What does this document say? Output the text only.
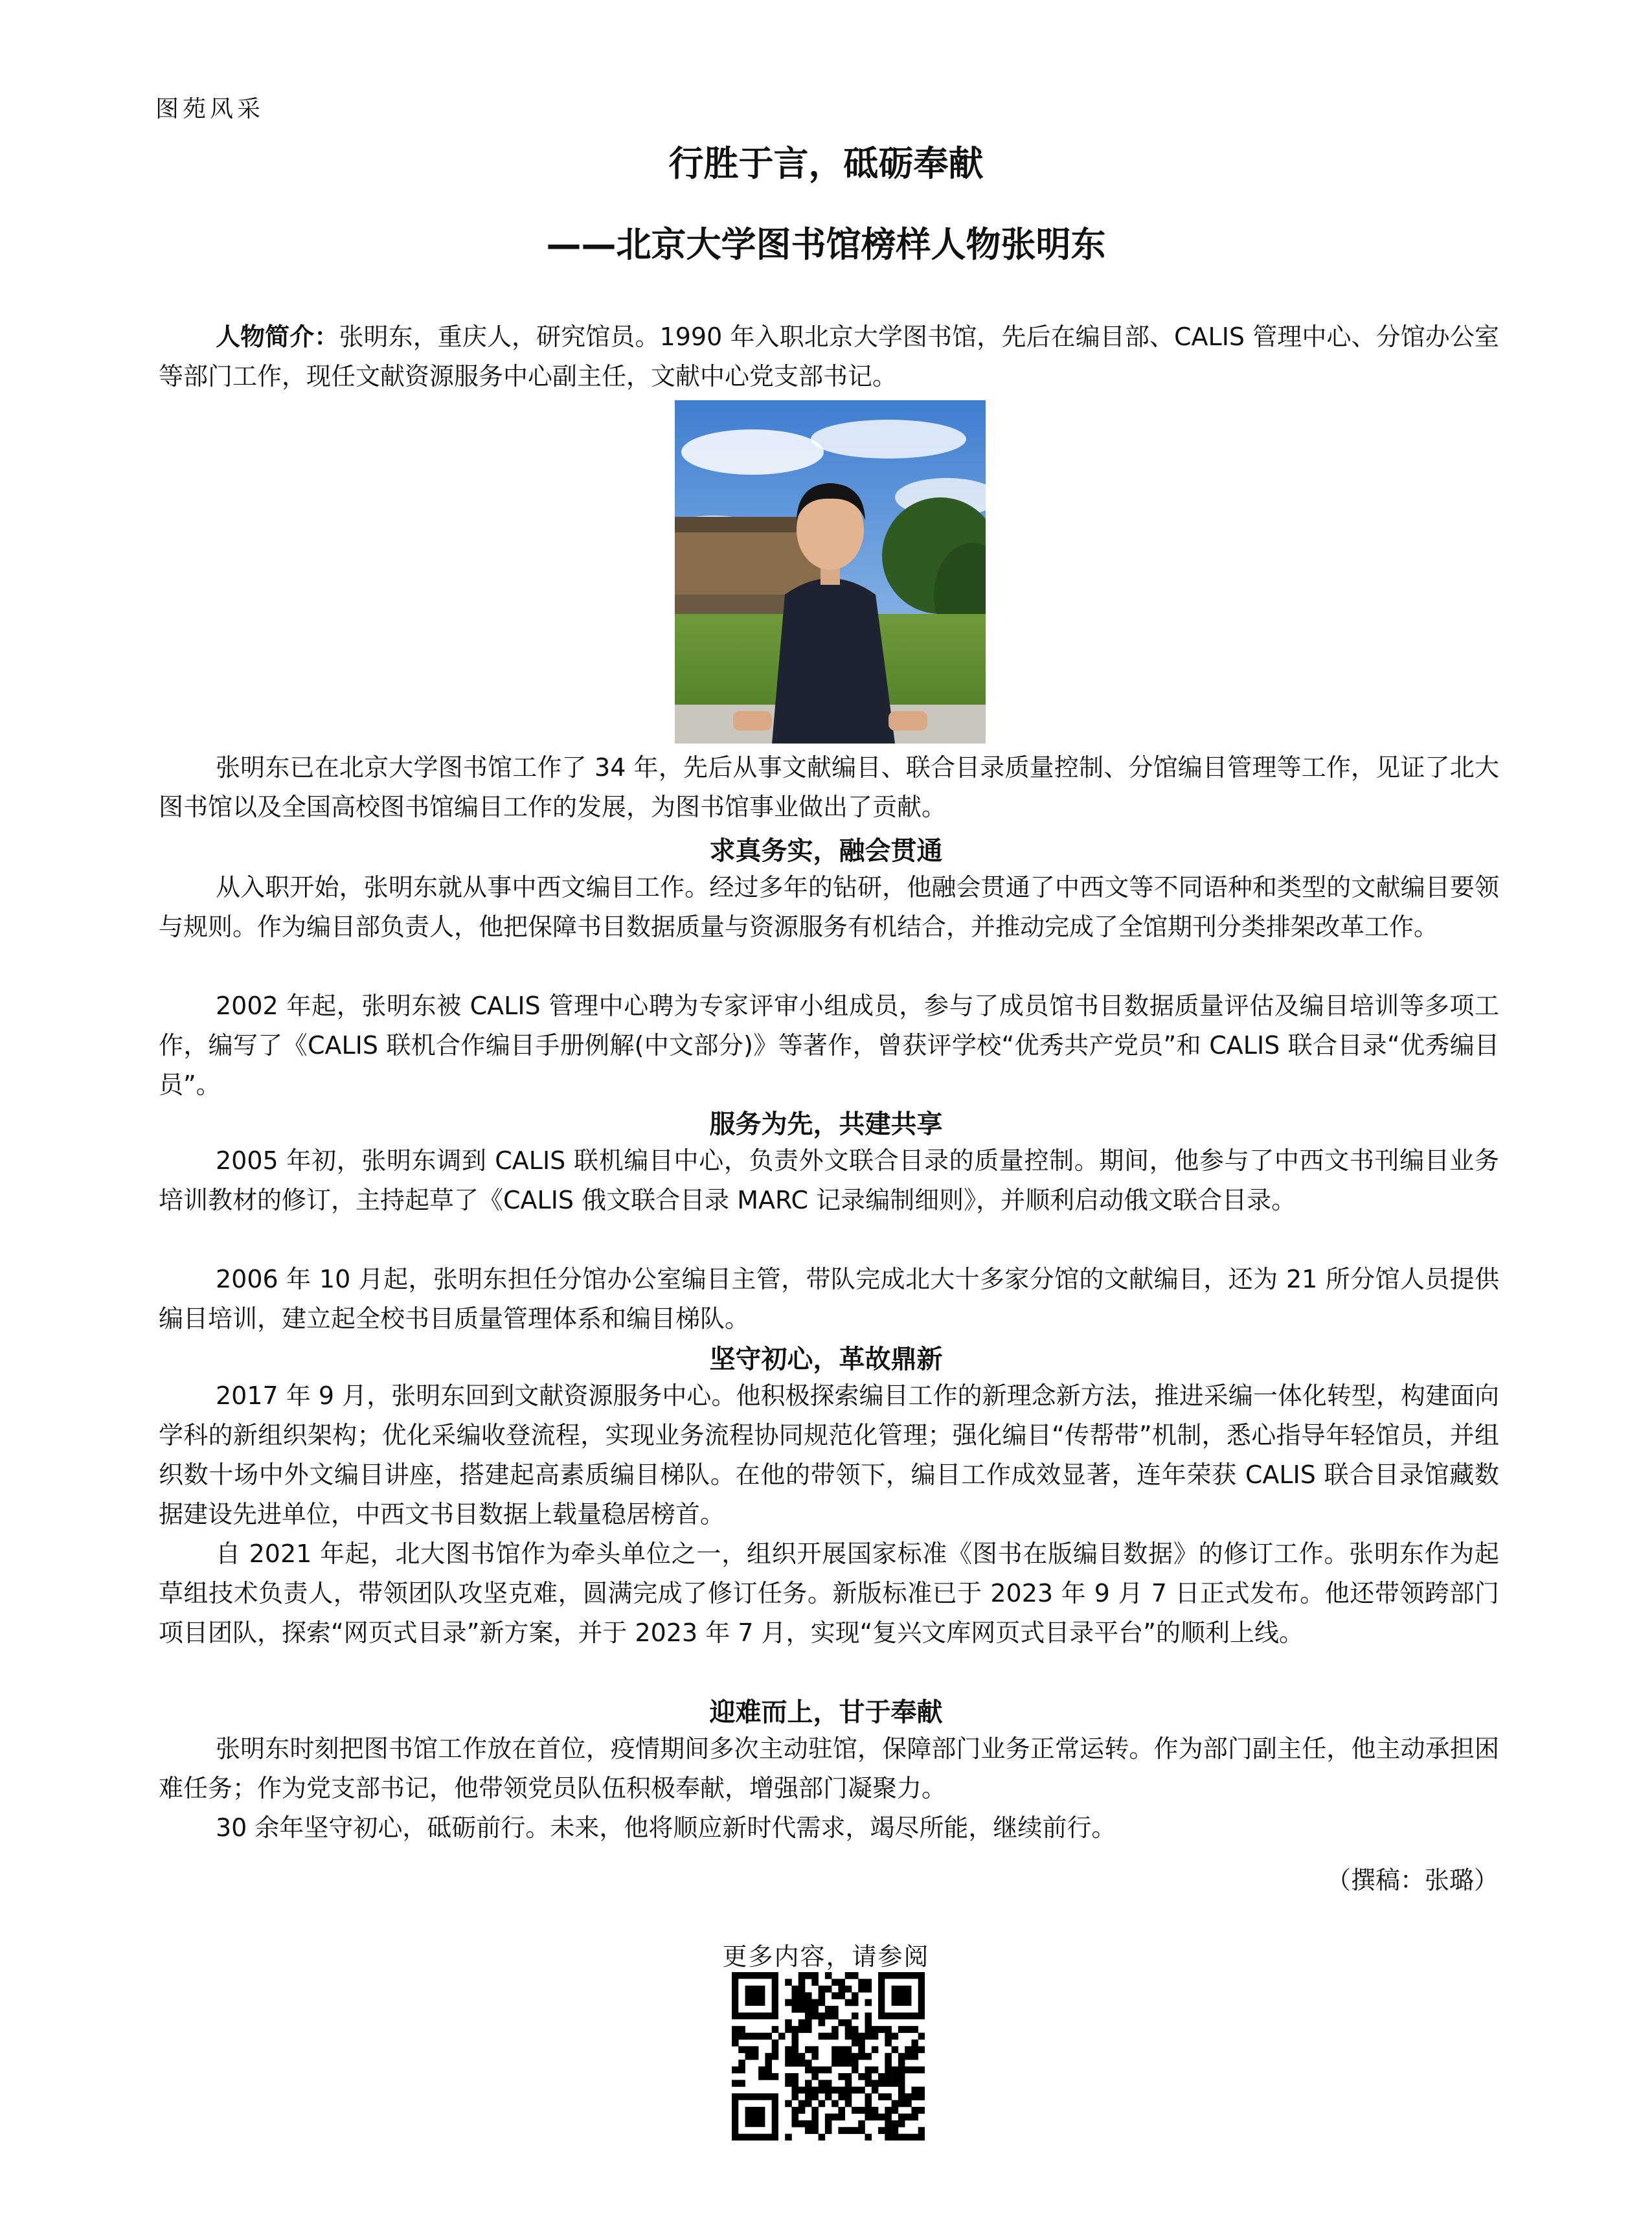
图苑风采
行胜于言，砥砺奉献
——北京大学图书馆榜样人物张明东

人物简介：张明东，重庆人，研究馆员。1990 年入职北京大学图书馆，先后在编目部、CALIS 管理中心、分馆办公室等部门工作，现任文献资源服务中心副主任，文献中心党支部书记。

张明东已在北京大学图书馆工作了 34 年，先后从事文献编目、联合目录质量控制、分馆编目管理等工作，见证了北大图书馆以及全国高校图书馆编目工作的发展，为图书馆事业做出了贡献。

求真务实，融会贯通

从入职开始，张明东就从事中西文编目工作。经过多年的钻研，他融会贯通了中西文等不同语种和类型的文献编目要领与规则。作为编目部负责人，他把保障书目数据质量与资源服务有机结合，并推动完成了全馆期刊分类排架改革工作。

2002 年起，张明东被 CALIS 管理中心聘为专家评审小组成员，参与了成员馆书目数据质量评估及编目培训等多项工作，编写了《CALIS 联机合作编目手册例解(中文部分)》等著作，曾获评学校“优秀共产党员”和 CALIS 联合目录“优秀编目员”。

服务为先，共建共享

2005 年初，张明东调到 CALIS 联机编目中心，负责外文联合目录的质量控制。期间，他参与了中西文书刊编目业务培训教材的修订，主持起草了《CALIS 俄文联合目录 MARC 记录编制细则》，并顺利启动俄文联合目录。

2006 年 10 月起，张明东担任分馆办公室编目主管，带队完成北大十多家分馆的文献编目，还为 21 所分馆人员提供编目培训，建立起全校书目质量管理体系和编目梯队。

坚守初心，革故鼎新

2017 年 9 月，张明东回到文献资源服务中心。他积极探索编目工作的新理念新方法，推进采编一体化转型，构建面向学科的新组织架构；优化采编收登流程，实现业务流程协同规范化管理；强化编目“传帮带”机制，悉心指导年轻馆员，并组织数十场中外文编目讲座，搭建起高素质编目梯队。在他的带领下，编目工作成效显著，连年荣获 CALIS 联合目录馆藏数据建设先进单位，中西文书目数据上载量稳居榜首。

自 2021 年起，北大图书馆作为牵头单位之一，组织开展国家标准《图书在版编目数据》的修订工作。张明东作为起草组技术负责人，带领团队攻坚克难，圆满完成了修订任务。新版标准已于 2023 年 9 月 7 日正式发布。他还带领跨部门项目团队，探索“网页式目录”新方案，并于 2023 年 7 月，实现“复兴文库网页式目录平台”的顺利上线。

迎难而上，甘于奉献

张明东时刻把图书馆工作放在首位，疫情期间多次主动驻馆，保障部门业务正常运转。作为部门副主任，他主动承担困难任务；作为党支部书记，他带领党员队伍积极奉献，增强部门凝聚力。

30 余年坚守初心，砥砺前行。未来，他将顺应新时代需求，竭尽所能，继续前行。

（撰稿：张璐）
更多内容，请参阅
